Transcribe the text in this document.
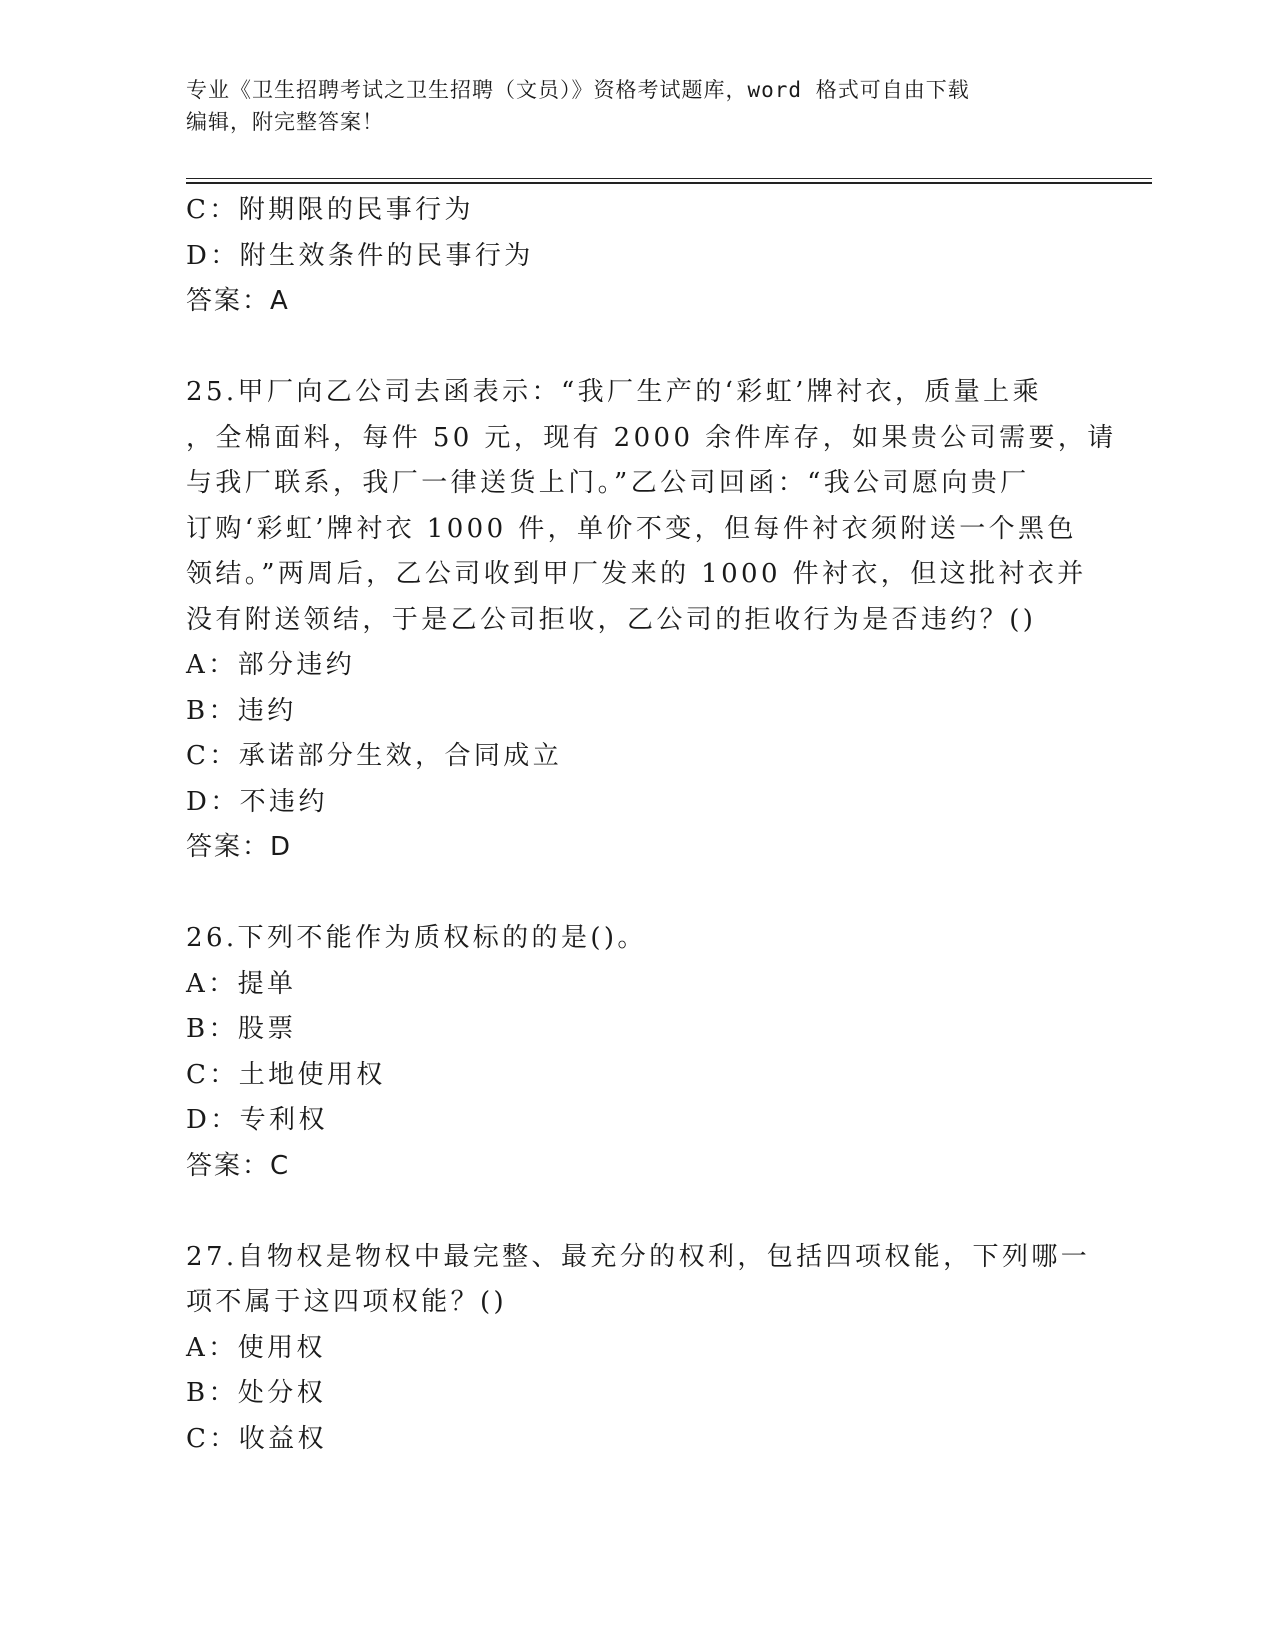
专业《卫生招聘考试之卫生招聘（文员）》资格考试题库，word 格式可自由下载
编辑，附完整答案！
C：附期限的民事行为
D：附生效条件的民事行为
答案：A
25.甲厂向乙公司去函表示：“我厂生产的‘彩虹’牌衬衣，质量上乘
，全棉面料，每件 50 元，现有 2000 余件库存，如果贵公司需要，请
与我厂联系，我厂一律送货上门。”乙公司回函：“我公司愿向贵厂
订购‘彩虹’牌衬衣 1000 件，单价不变，但每件衬衣须附送一个黑色
领结。”两周后，乙公司收到甲厂发来的 1000 件衬衣，但这批衬衣并
没有附送领结，于是乙公司拒收，乙公司的拒收行为是否违约？()
A：部分违约
B：违约
C：承诺部分生效，合同成立
D：不违约
答案：D
26.下列不能作为质权标的的是()。
A：提单
B：股票
C：土地使用权
D：专利权
答案：C
27.自物权是物权中最完整、最充分的权利，包括四项权能，下列哪一
项不属于这四项权能？()
A：使用权
B：处分权
C：收益权
